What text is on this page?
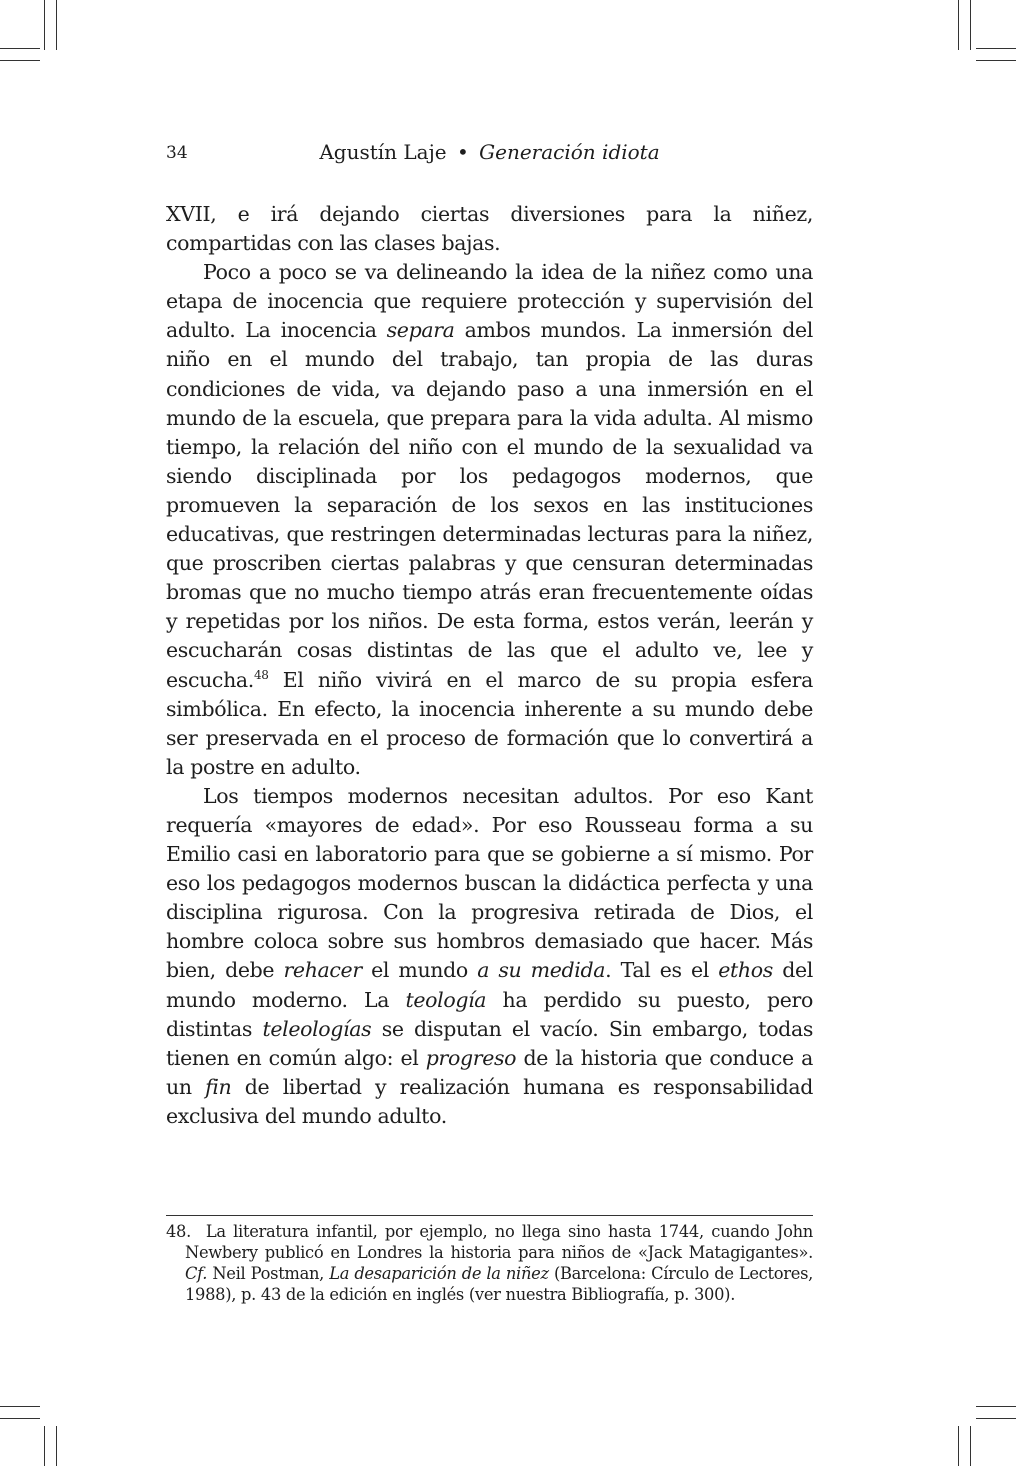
34	Agustín Laje • Generación idiota

XVII, e irá dejando ciertas diversiones para la niñez, compartidas con las clases bajas.

Poco a poco se va delineando la idea de la niñez como una etapa de inocencia que requiere protección y supervisión del adulto. La inocencia separa ambos mundos. La inmersión del niño en el mundo del trabajo, tan propia de las duras condiciones de vida, va dejando paso a una inmersión en el mundo de la escuela, que prepara para la vida adulta. Al mismo tiempo, la relación del niño con el mundo de la sexualidad va siendo disciplinada por los pedagogos modernos, que promueven la separación de los sexos en las instituciones educativas, que restringen determinadas lecturas para la niñez, que proscriben ciertas palabras y que censuran determinadas bromas que no mucho tiempo atrás eran frecuentemente oídas y repetidas por los niños. De esta forma, estos verán, leerán y escucharán cosas distintas de las que el adulto ve, lee y escucha.$^{48}$ El niño vivirá en el marco de su propia esfera simbólica. En efecto, la inocencia inherente a su mundo debe ser preservada en el proceso de formación que lo convertirá a la postre en adulto.

Los tiempos modernos necesitan adultos. Por eso Kant requería «mayores de edad». Por eso Rousseau forma a su Emilio casi en laboratorio para que se gobierne a sí mismo. Por eso los pedagogos modernos buscan la didáctica perfecta y una disciplina rigurosa. Con la progresiva retirada de Dios, el hombre coloca sobre sus hombros demasiado que hacer. Más bien, debe rehacer el mundo a su medida. Tal es el ethos del mundo moderno. La teología ha perdido su puesto, pero distintas teleologías se disputan el vacío. Sin embargo, todas tienen en común algo: el progreso de la historia que conduce a un fin de libertad y realización humana es responsabilidad exclusiva del mundo adulto.

48. La literatura infantil, por ejemplo, no llega sino hasta 1744, cuando John Newbery publicó en Londres la historia para niños de «Jack Matagigantes». Cf. Neil Postman, La desaparición de la niñez (Barcelona: Círculo de Lectores, 1988), p. 43 de la edición en inglés (ver nuestra Bibliografía, p. 300).
